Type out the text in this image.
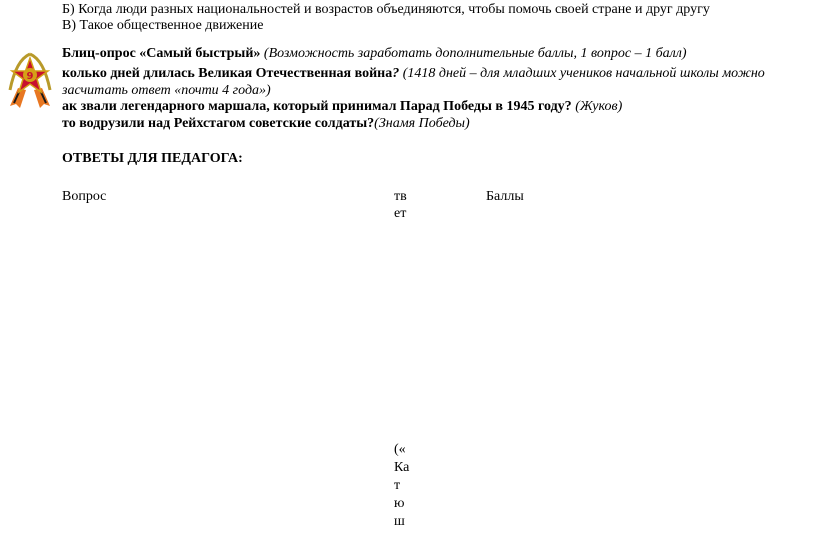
Б) Когда люди разных национальностей и возрастов объединяются, чтобы помочь своей стране и друг другу
В) Такое общественное движение
9
Блиц-опрос «Самый быстрый» (Возможность заработать дополнительные баллы, 1 вопрос – 1 балл)
колько дней длилась Великая Отечественная война? (1418 дней – для младших учеников начальной школы можно
засчитать ответ «почти 4 года»)
ак звали легендарного маршала, который принимал Парад Победы в 1945 году? (Жуков)
то водрузили над Рейхстагом советские солдаты?(Знамя Победы)
ОТВЕТЫ ДЛЯ ПЕДАГОГА:
Вопрос	тв
ет
Баллы
(«
Ка
т
ю
ш
